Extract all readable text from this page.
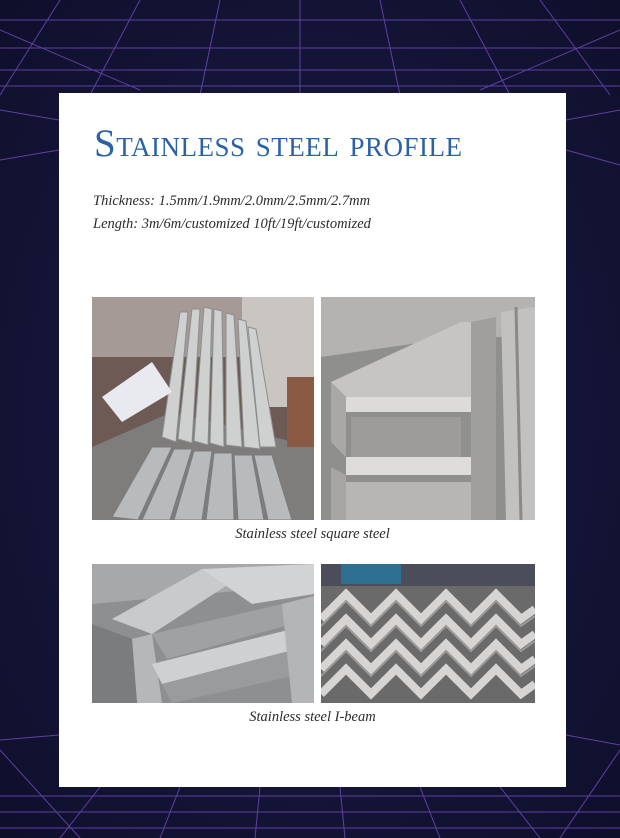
Stainless steel profile
Thickness: 1.5mm/1.9mm/2.0mm/2.5mm/2.7mm
Length: 3m/6m/customized 10ft/19ft/customized
Stainless steel square steel
Stainless steel I-beam
